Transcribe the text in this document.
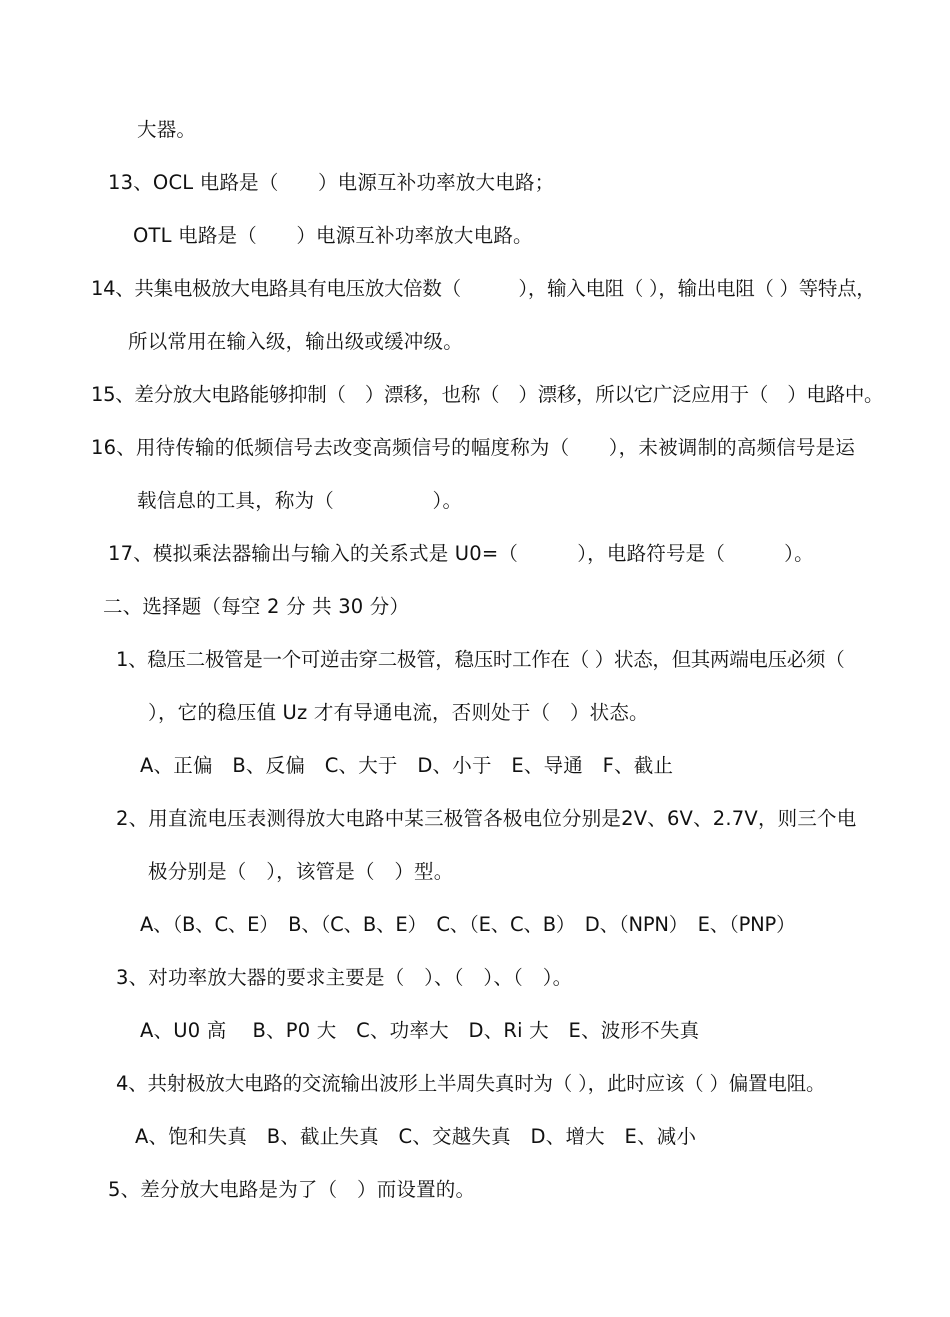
大器。
13、OCL 电路是（　　）电源互补功率放大电路；
OTL 电路是（　　）电源互补功率放大电路。
14、共集电极放大电路具有电压放大倍数（　　　），输入电阻（ ），输出电阻（ ）等特点，
所以常用在输入级，输出级或缓冲级。
15、差分放大电路能够抑制（　）漂移，也称（　）漂移，所以它广泛应用于（　）电路中。
16、用待传输的低频信号去改变高频信号的幅度称为（　　），未被调制的高频信号是运
载信息的工具，称为（　　　　　）。
17、模拟乘法器输出与输入的关系式是 U0=（　　　），电路符号是（　　　）。
二、选择题（每空 2 分 共 30 分）
1、稳压二极管是一个可逆击穿二极管，稳压时工作在（ ）状态，但其两端电压必须（
），它的稳压值 Uz 才有导通电流，否则处于（　）状态。
A、正偏　B、反偏　C、大于　D、小于　E、导通　F、截止
2、用直流电压表测得放大电路中某三极管各极电位分别是2V、6V、2.7V，则三个电
极分别是（　），该管是（　）型。
A、（B、C、E）　B、（C、B、E）　C、（E、C、B）　D、（NPN）　E、（PNP）
3、对功率放大器的要求主要是（　）、（　）、（　）。
A、U0 高　 B、P0 大　C、功率大　D、Ri 大　E、波形不失真
4、共射极放大电路的交流输出波形上半周失真时为（ ），此时应该（ ）偏置电阻。
A、饱和失真　B、截止失真　C、交越失真　D、增大　E、减小
5、差分放大电路是为了（　）而设置的。
